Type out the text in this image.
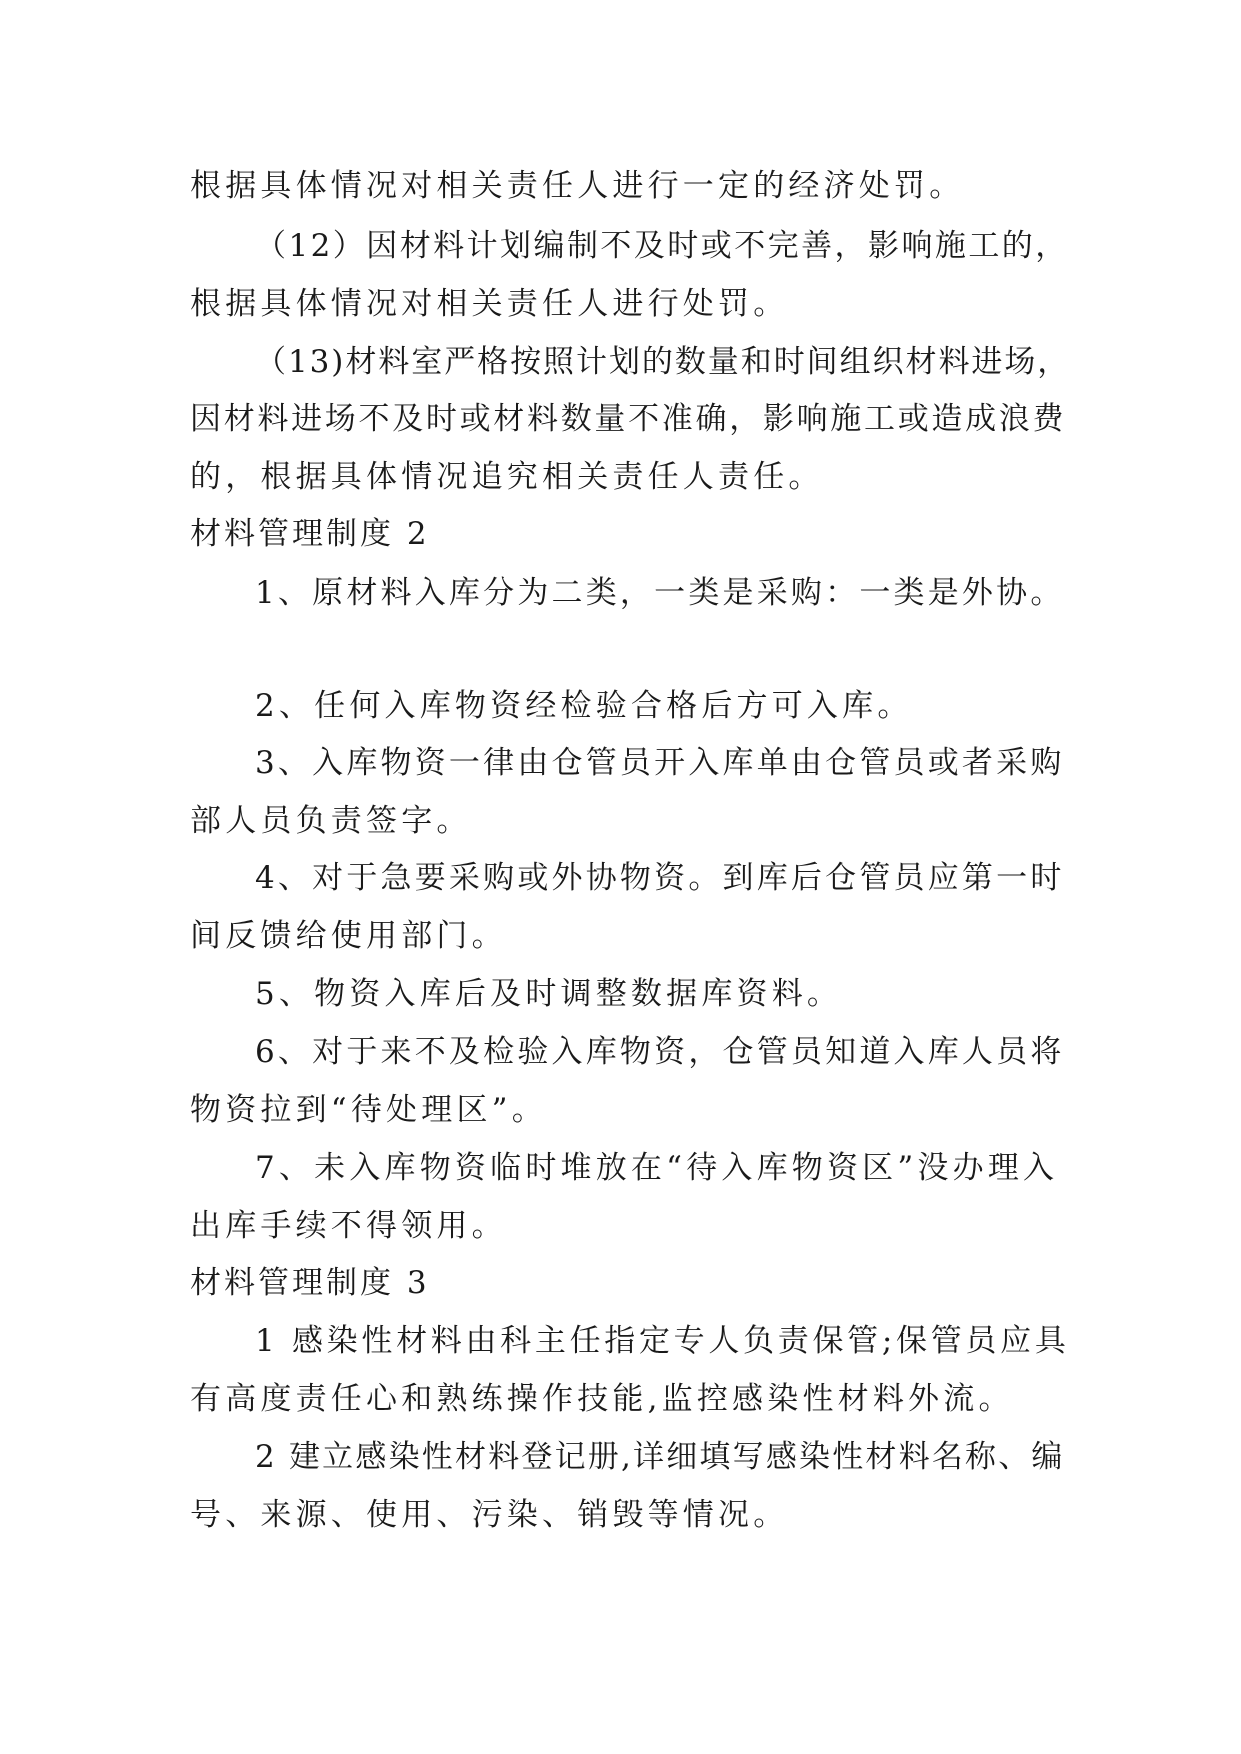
根据具体情况对相关责任人进行一定的经济处罚。
（12）因材料计划编制不及时或不完善，影响施工的，
根据具体情况对相关责任人进行处罚。
（13)材料室严格按照计划的数量和时间组织材料进场，
因材料进场不及时或材料数量不准确，影响施工或造成浪费
的，根据具体情况追究相关责任人责任。
材料管理制度 2
1、原材料入库分为二类，一类是采购：一类是外协。
2、任何入库物资经检验合格后方可入库。
3、入库物资一律由仓管员开入库单由仓管员或者采购
部人员负责签字。
4、对于急要采购或外协物资。到库后仓管员应第一时
间反馈给使用部门。
5、物资入库后及时调整数据库资料。
6、对于来不及检验入库物资，仓管员知道入库人员将
物资拉到“待处理区”。
7、未入库物资临时堆放在“待入库物资区”没办理入
出库手续不得领用。
材料管理制度 3
1 感染性材料由科主任指定专人负责保管;保管员应具
有高度责任心和熟练操作技能,监控感染性材料外流。
2 建立感染性材料登记册,详细填写感染性材料名称、编
号、来源、使用、污染、销毁等情况。
